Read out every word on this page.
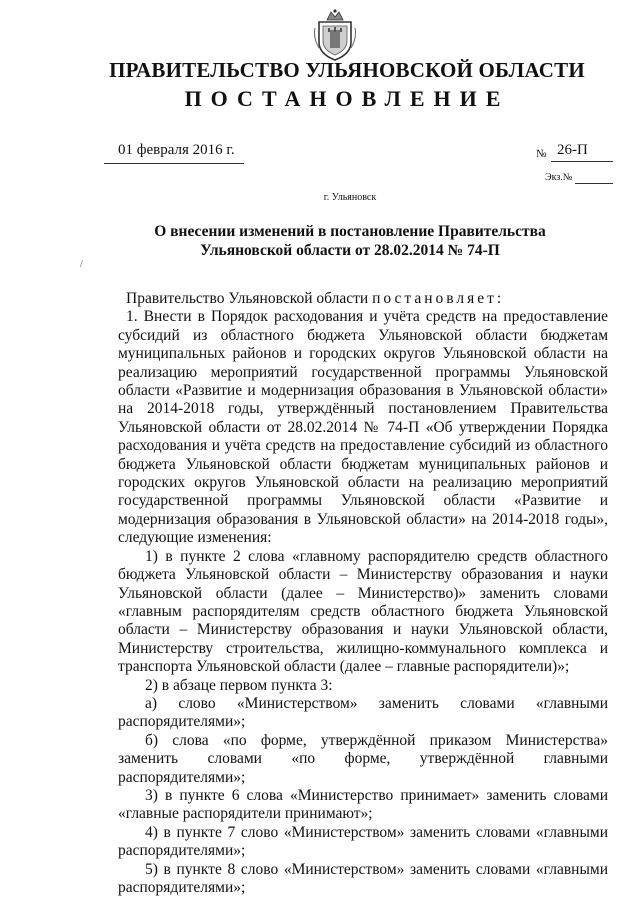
ПРАВИТЕЛЬСТВО УЛЬЯНОВСКОЙ ОБЛАСТИ
ПОСТАНОВЛЕНИЕ
01 февраля 2016 г.	№ 26-П
Экз.№
г. Ульяновск
О внесении изменений в постановление Правительства
Ульяновской области от 28.02.2014 № 74-П
/

Правительство Ульяновской области постановляет:

1. Внести в Порядок расходования и учёта средств на предоставление субсидий из областного бюджета Ульяновской области бюджетам муниципальных районов и городских округов Ульяновской области на реализацию мероприятий государственной программы Ульяновской области «Развитие и модернизация образования в Ульяновской области» на 2014-2018 годы, утверждённый постановлением Правительства Ульяновской области от 28.02.2014 № 74-П «Об утверждении Порядка расходования и учёта средств на предоставление субсидий из областного бюджета Ульяновской области бюджетам муниципальных районов и городских округов Ульяновской области на реализацию мероприятий государственной программы Ульяновской области «Развитие и модернизация образования в Ульяновской области» на 2014-2018 годы», следующие изменения:

1) в пункте 2 слова «главному распорядителю средств областного бюджета Ульяновской области – Министерству образования и науки Ульяновской области (далее – Министерство)» заменить словами «главным распорядителям средств областного бюджета Ульяновской области – Министерству образования и науки Ульяновской области, Министерству строительства, жилищно-коммунального комплекса и транспорта Ульяновской области (далее – главные распорядители)»;

2) в абзаце первом пункта 3:

а) слово «Министерством» заменить словами «главными распорядителями»;

б) слова «по форме, утверждённой приказом Министерства» заменить словами «по форме, утверждённой главными распорядителями»;

3) в пункте 6 слова «Министерство принимает» заменить словами «главные распорядители принимают»;

4) в пункте 7 слово «Министерством» заменить словами «главными распорядителями»;

5) в пункте 8 слово «Министерством» заменить словами «главными распорядителями»;
